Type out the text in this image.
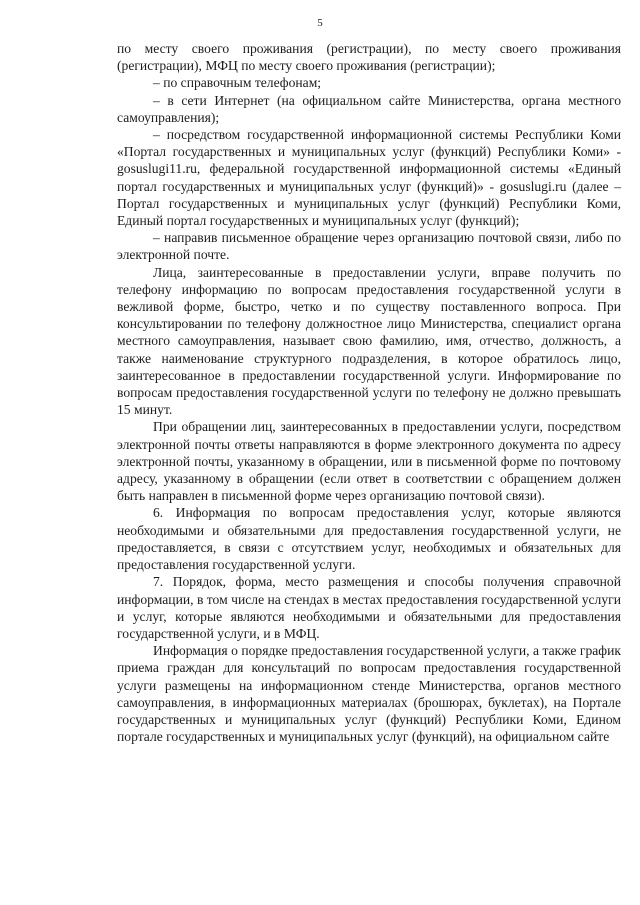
5

по месту своего проживания (регистрации), по месту своего проживания (регистрации), МФЦ по месту своего проживания (регистрации);

– по справочным телефонам;

– в сети Интернет (на официальном сайте Министерства, органа местного самоуправления);

– посредством государственной информационной системы Республики Коми «Портал государственных и муниципальных услуг (функций) Республики Коми» - gosuslugi11.ru, федеральной государственной информационной системы «Единый портал государственных и муниципальных услуг (функций)» - gosuslugi.ru (далее – Портал государственных и муниципальных услуг (функций) Республики Коми, Единый портал государственных и муниципальных услуг (функций);

– направив письменное обращение через организацию почтовой связи, либо по электронной почте.

Лица, заинтересованные в предоставлении услуги, вправе получить по телефону информацию по вопросам предоставления государственной услуги в вежливой форме, быстро, четко и по существу поставленного вопроса. При консультировании по телефону должностное лицо Министерства, специалист органа местного самоуправления, называет свою фамилию, имя, отчество, должность, а также наименование структурного подразделения, в которое обратилось лицо, заинтересованное в предоставлении государственной услуги. Информирование по вопросам предоставления государственной услуги по телефону не должно превышать 15 минут.

При обращении лиц, заинтересованных в предоставлении услуги, посредством электронной почты ответы направляются в форме электронного документа по адресу электронной почты, указанному в обращении, или в письменной форме по почтовому адресу, указанному в обращении (если ответ в соответствии с обращением должен быть направлен в письменной форме через организацию почтовой связи).

6. Информация по вопросам предоставления услуг, которые являются необходимыми и обязательными для предоставления государственной услуги, не предоставляется, в связи с отсутствием услуг, необходимых и обязательных для предоставления государственной услуги.

7. Порядок, форма, место размещения и способы получения справочной информации, в том числе на стендах в местах предоставления государственной услуги и услуг, которые являются необходимыми и обязательными для предоставления государственной услуги, и в МФЦ.

Информация о порядке предоставления государственной услуги, а также график приема граждан для консультаций по вопросам предоставления государственной услуги размещены на информационном стенде Министерства, органов местного самоуправления, в информационных материалах (брошюрах, буклетах), на Портале государственных и муниципальных услуг (функций) Республики Коми, Едином портале государственных и муниципальных услуг (функций), на официальном сайте
